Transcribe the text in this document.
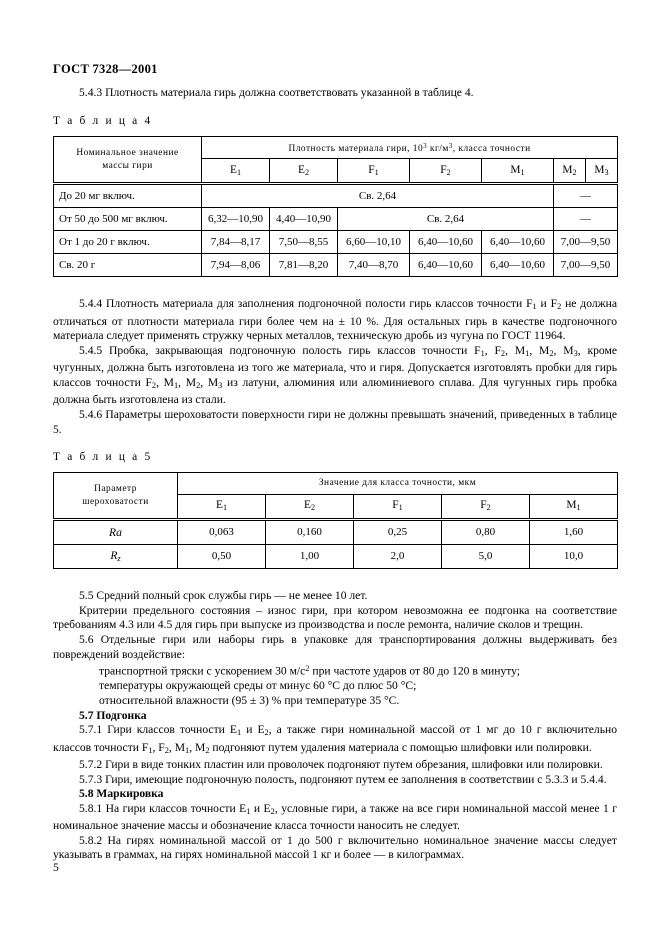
ГОСТ 7328—2001

5.4.3 Плотность материала гирь должна соответствовать указанной в таблице 4.

Т а б л и ц а 4

Номинальное значение
массы гири	Плотность материала гири, $10^3$ $кг/м^3$, класса точности						
	$E_1$	$E_2$	$F_1$	$F_2$	$M_1$	$M_2$	$M_3$
До 20 мг включ.	Св. 2,64					—	
От 50 до 500 мг включ.	6,32—10,90	4,40—10,90	Св. 2,64			—	
От 1 до 20 г включ.	7,84—8,17	7,50—8,55	6,60—10,10	6,40—10,60	6,40—10,60	7,00—9,50	
Св. 20 г	7,94—8,06	7,81—8,20	7,40—8,70	6,40—10,60	6,40—10,60	7,00—9,50	

5.4.4 Плотность материала для заполнения подгоночной полости гирь классов точности $F_1$ и $F_2$ не должна отличаться от плотности материала гири более чем на ± 10 %. Для остальных гирь в качестве подгоночного материала следует применять стружку черных металлов, техническую дробь из чугуна по ГОСТ 11964.

5.4.5 Пробка, закрывающая подгоночную полость гирь классов точности $F_1$, $F_2$, $M_1$, $M_2$, $M_3$, кроме чугунных, должна быть изготовлена из того же материала, что и гиря. Допускается изготовлять пробки для гирь классов точности $F_2$, $M_1$, $M_2$, $M_3$ из латуни, алюминия или алюминиевого сплава. Для чугунных гирь пробка должна быть изготовлена из стали.

5.4.6 Параметры шероховатости поверхности гири не должны превышать значений, приведенных в таблице 5.

Т а б л и ц а 5

Параметр
шероховатости	Значение для класса точности, мкм				
	$E_1$	$E_2$	$F_1$	$F_2$	$M_1$
Ra	0,063	0,160	0,25	0,80	1,60
$R_z$	0,50	1,00	2,0	5,0	10,0

5.5 Средний полный срок службы гирь — не менее 10 лет.

Критерии предельного состояния – износ гири, при котором невозможна ее подгонка на соответствие требованиям 4.3 или 4.5 для гирь при выпуске из производства и после ремонта, наличие сколов и трещин.

5.6 Отдельные гири или наборы гирь в упаковке для транспортирования должны выдерживать без повреждений воздействие:

транспортной тряски с ускорением 30 $м/с^2$ при частоте ударов от 80 до 120 в минуту;

температуры окружающей среды от минус 60 °C до плюс 50 °C;

относительной влажности (95 ± 3) % при температуре 35 °C.

5.7 Подгонка

5.7.1 Гири классов точности $E_1$ и $E_2$, а также гири номинальной массой от 1 мг до 10 г включительно классов точности $F_1$, $F_2$, $M_1$, $M_2$ подгоняют путем удаления материала с помощью шлифовки или полировки.

5.7.2 Гири в виде тонких пластин или проволочек подгоняют путем обрезания, шлифовки или полировки.

5.7.3 Гири, имеющие подгоночную полость, подгоняют путем ее заполнения в соответствии с 5.3.3 и 5.4.4.

5.8 Маркировка

5.8.1 На гири классов точности $E_1$ и $E_2$, условные гири, а также на все гири номинальной массой менее 1 г номинальное значение массы и обозначение класса точности наносить не следует.

5.8.2 На гирях номинальной массой от 1 до 500 г включительно номинальное значение массы следует указывать в граммах, на гирях номинальной массой 1 кг и более — в килограммах.

5
